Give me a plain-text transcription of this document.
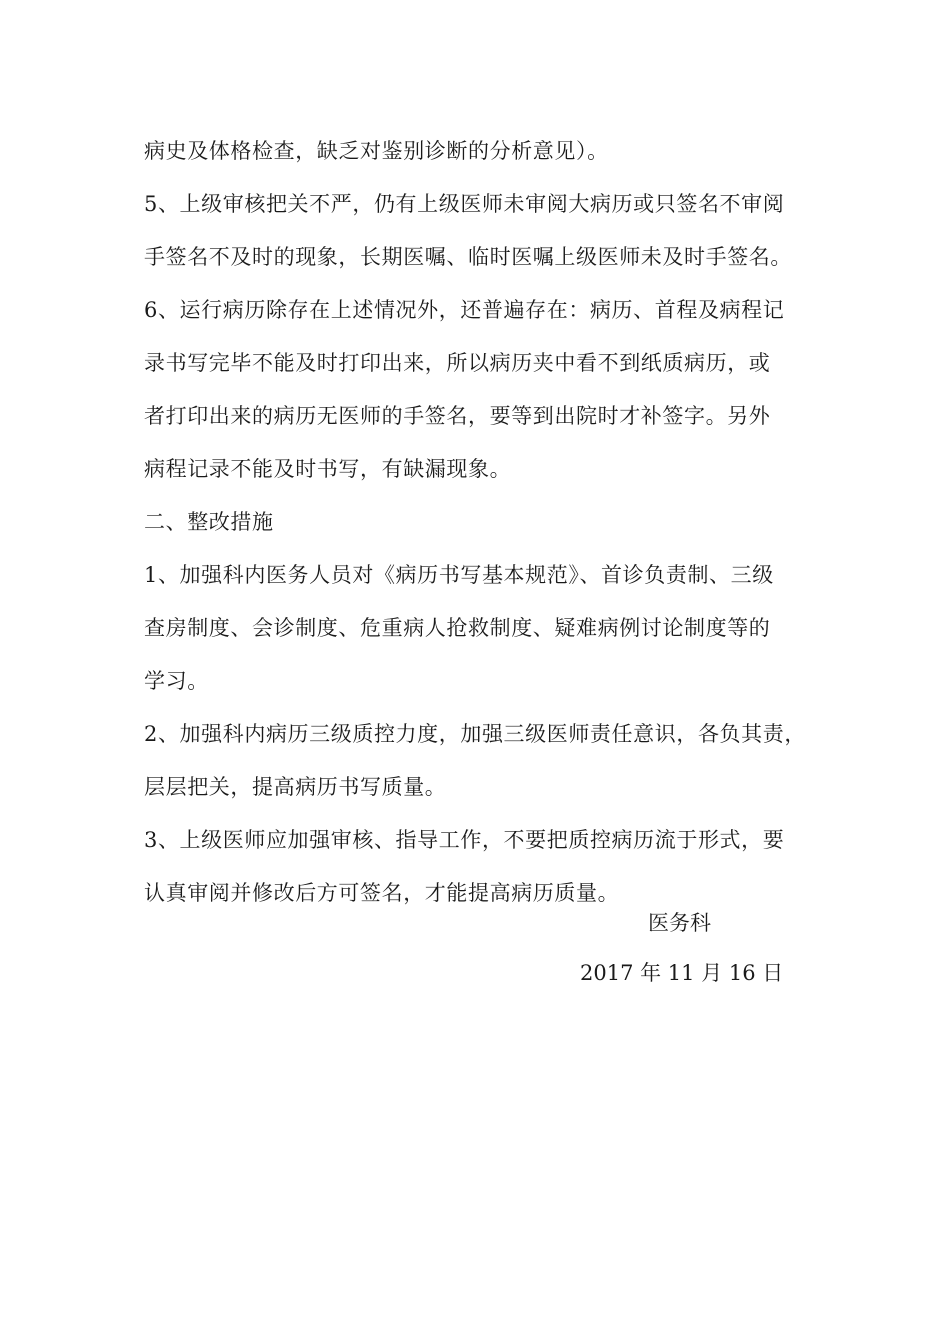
病史及体格检查，缺乏对鉴别诊断的分析意见）。
5、上级审核把关不严，仍有上级医师未审阅大病历或只签名不审阅
手签名不及时的现象，长期医嘱、临时医嘱上级医师未及时手签名。
6、运行病历除存在上述情况外，还普遍存在：病历、首程及病程记
录书写完毕不能及时打印出来，所以病历夹中看不到纸质病历，或
者打印出来的病历无医师的手签名，要等到出院时才补签字。另外
病程记录不能及时书写，有缺漏现象。
二、整改措施
1、加强科内医务人员对《病历书写基本规范》、首诊负责制、三级
查房制度、会诊制度、危重病人抢救制度、疑难病例讨论制度等的
学习。
2、加强科内病历三级质控力度，加强三级医师责任意识，各负其责，
层层把关，提高病历书写质量。
3、上级医师应加强审核、指导工作，不要把质控病历流于形式，要
认真审阅并修改后方可签名，才能提高病历质量。
医务科
2017 年 11 月 16 日
